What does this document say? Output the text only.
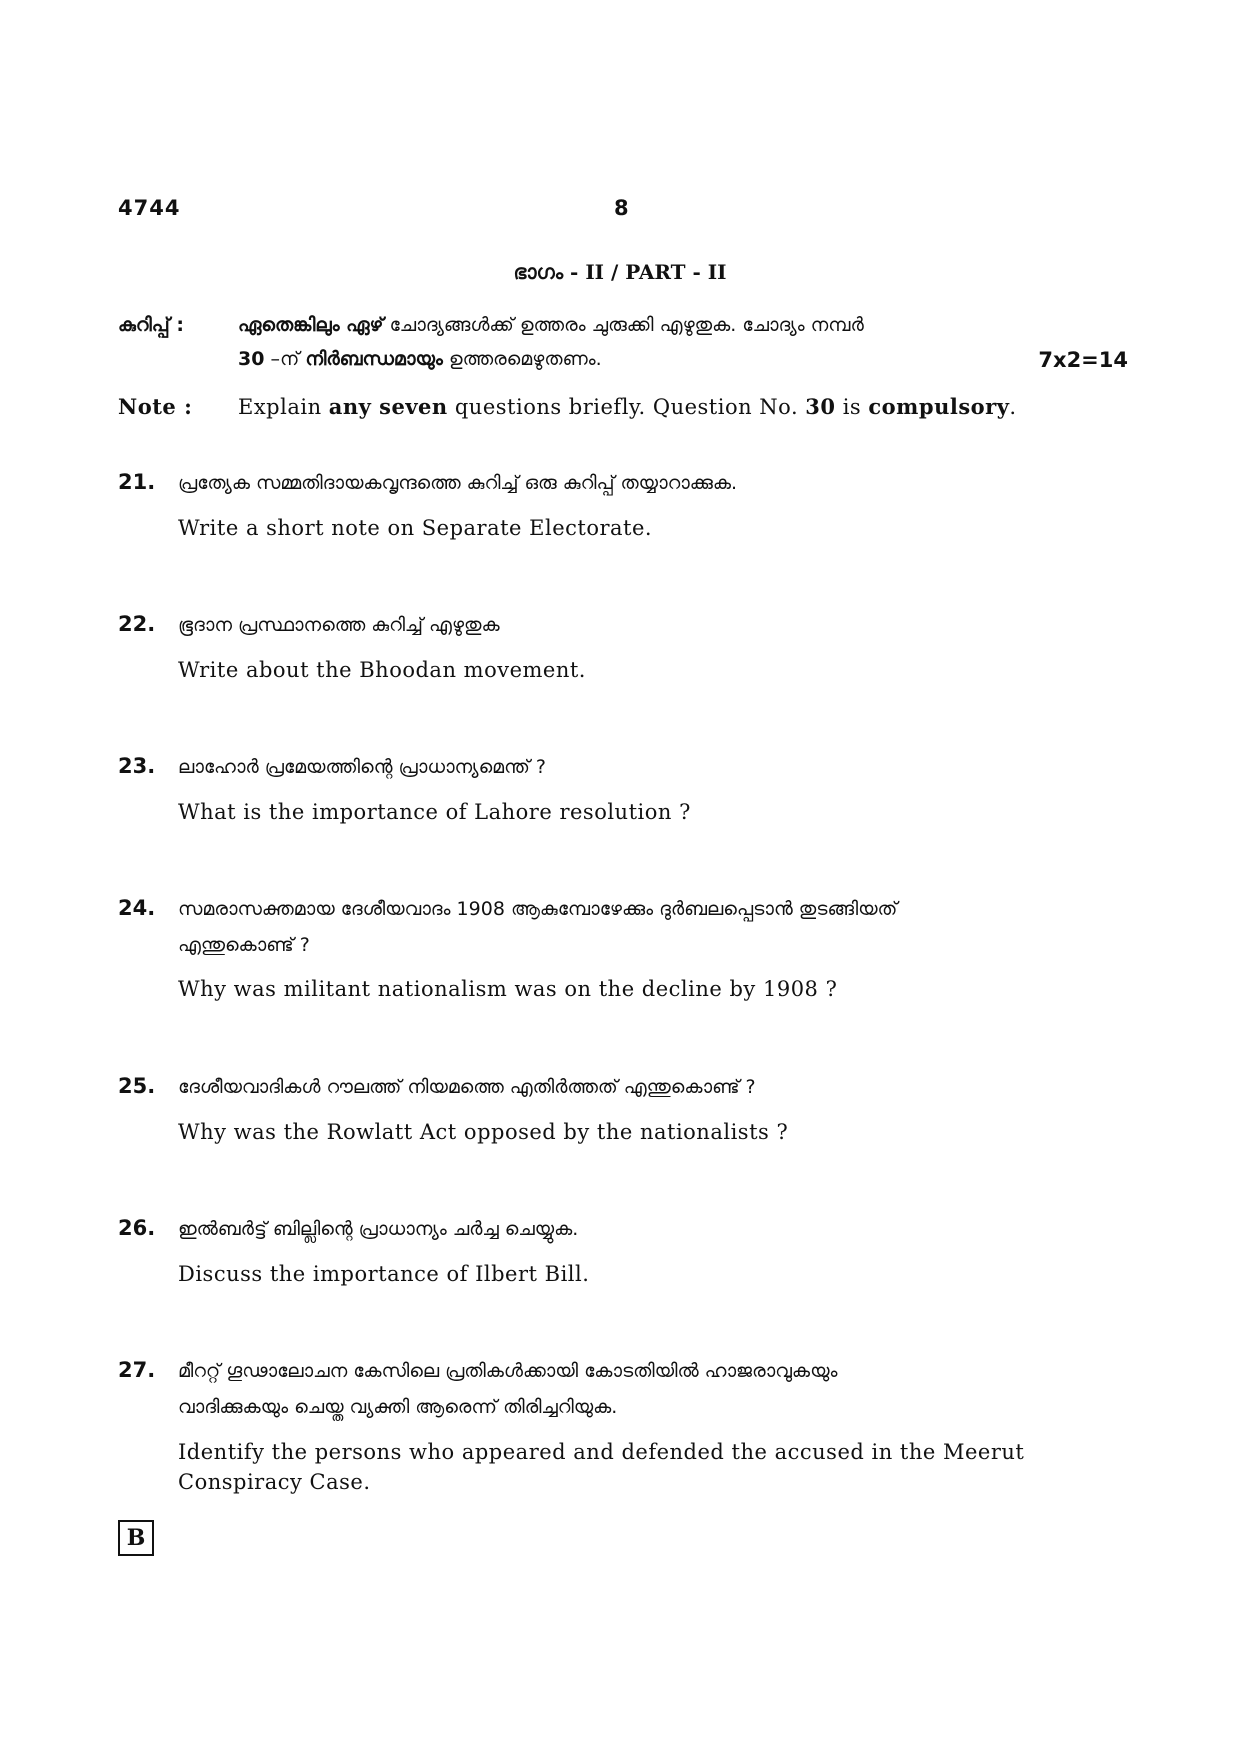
4744	8
ഭാഗം - II / PART - II
കുറിപ്പ് :	ഏതെങ്കിലും ഏഴ് ചോദ്യങ്ങൾക്ക് ഉത്തരം ചുരുക്കി എഴുതുക. ചോദ്യം നമ്പർ
30 –ന് നിർബന്ധമായും ഉത്തരമെഴുതണം.	7x2=14
Note : Explain any seven questions briefly. Question No. 30 is compulsory.
21. പ്രത്യേക സമ്മതിദായകവൃന്ദത്തെ കുറിച്ച് ഒരു കുറിപ്പ് തയ്യാറാക്കുക.
Write a short note on Separate Electorate.
22. ഭൂദാന പ്രസ്ഥാനത്തെ കുറിച്ച് എഴുതുക
Write about the Bhoodan movement.
23. ലാഹോർ പ്രമേയത്തിന്റെ പ്രാധാന്യമെന്ത് ?
What is the importance of Lahore resolution ?
24. സമരാസക്തമായ ദേശീയവാദം 1908 ആകുമ്പോഴേക്കും ദുർബലപ്പെടാൻ തുടങ്ങിയത്
എന്തുകൊണ്ട് ?
Why was militant nationalism was on the decline by 1908 ?
25. ദേശീയവാദികൾ റൗലത്ത് നിയമത്തെ എതിർത്തത് എന്തുകൊണ്ട് ?
Why was the Rowlatt Act opposed by the nationalists ?
26. ഇൽബർട്ട് ബില്ലിന്റെ പ്രാധാന്യം ചർച്ച ചെയ്യുക.
Discuss the importance of Ilbert Bill.
27. മീററ്റ് ഗൂഢാലോചന കേസിലെ പ്രതികൾക്കായി കോടതിയിൽ ഹാജരാവുകയും
വാദിക്കുകയും ചെയ്ത വ്യക്തി ആരെന്ന് തിരിച്ചറിയുക.
Identify the persons who appeared and defended the accused in the Meerut
Conspiracy Case.
B
